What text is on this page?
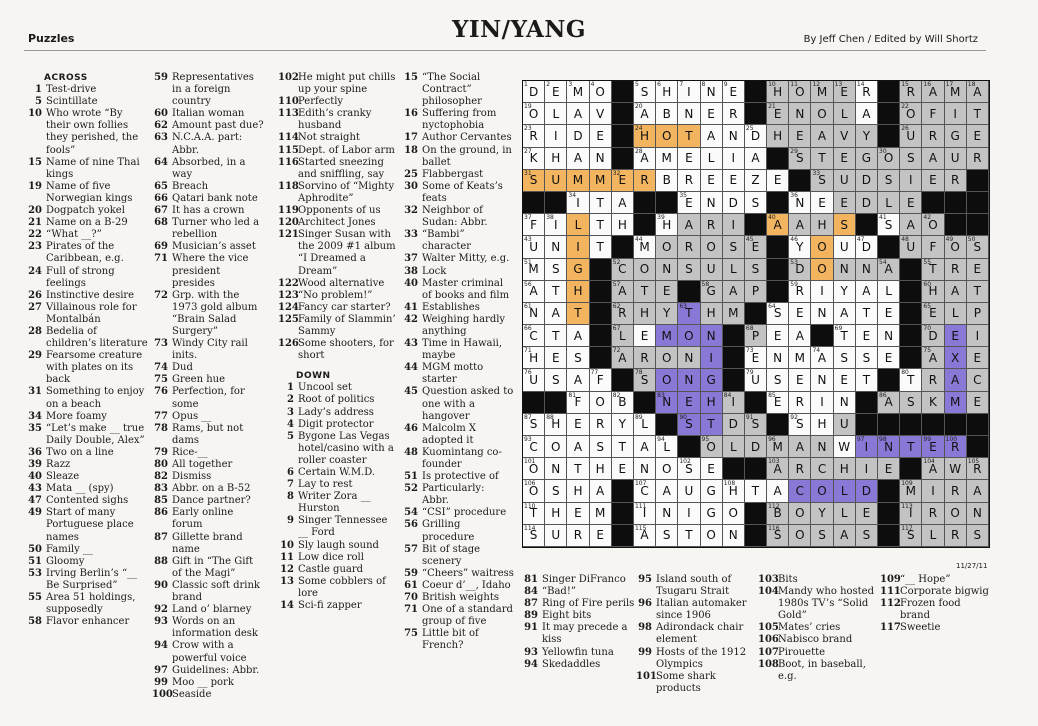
Puzzles	YIN/YANG	By Jeff Chen / Edited by Will Shortz
ACROSS
1 Test-drive
5 Scintillate
10 Who wrote “By their own follies they perished, the fools”
15 Name of nine Thai kings
19 Name of five Norwegian kings
20 Dogpatch yokel
21 Name on a B-29
22 “What __?”
23 Pirates of the Caribbean, e.g.
24 Full of strong feelings
26 Instinctive desire
27 Villainous role for Montalbán
28 Bedelia of children’s literature
29 Fearsome creature with plates on its back
31 Something to enjoy on a beach
34 More foamy
35 “Let’s make __ true Daily Double, Alex”
36 Two on a line
39 Razz
40 Sleaze
43 Mata __ (spy)
47 Contented sighs
49 Start of many Portuguese place names
50 Family __
51 Gloomy
53 Irving Berlin’s “__ Be Surprised”
55 Area 51 holdings, supposedly
58 Flavor enhancer
59 Representatives in a foreign country
60 Italian woman
62 Amount past due?
63 N.C.A.A. part: Abbr.
64 Absorbed, in a way
65 Breach
66 Qatari bank note
67 It has a crown
68 Turner who led a rebellion
69 Musician’s asset
71 Where the vice president presides
72 Grp. with the 1973 gold album “Brain Salad Surgery”
73 Windy City rail inits.
74 Dud
75 Green hue
76 Perfection, for some
77 Opus __
78 Rams, but not dams
79 Rice-__
80 All together
82 Dismiss
83 Abbr. on a B-52
85 Dance partner?
86 Early online forum
87 Gillette brand name
88 Gift in “The Gift of the Magi”
90 Classic soft drink brand
92 Land o’ blarney
93 Words on an information desk
94 Crow with a powerful voice
97 Guidelines: Abbr.
99 Moo __ pork
100 Seaside
102 He might put chills up your spine
110 Perfectly
113 Edith’s cranky husband
114 Not straight
115 Dept. of Labor arm
116 Started sneezing and sniffling, say
118 Sorvino of “Mighty Aphrodite”
119 Opponents of us
120 Architect Jones
121 Singer Susan with the 2009 #1 album “I Dreamed a Dream”
122 Wood alternative
123 “No problem!”
124 Fancy car starter?
125 Family of Slammin’ Sammy
126 Some shooters, for short
DOWN
1 Uncool set
2 Root of politics
3 Lady’s address
4 Digit protector
5 Bygone Las Vegas hotel/casino with a roller coaster
6 Certain W.M.D.
7 Lay to rest
8 Writer Zora __ Hurston
9 Singer Tennessee __ Ford
10 Sly laugh sound
11 Low dice roll
12 Castle guard
13 Some cobblers of lore
14 Sci-fi zapper
15 “The Social Contract” philosopher
16 Suffering from nyctophobia
17 Author Cervantes
18 On the ground, in ballet
25 Flabbergast
30 Some of Keats’s feats
32 Neighbor of Sudan: Abbr.
33 “Bambi” character
37 Walter Mitty, e.g.
38 Lock
40 Master criminal of books and film
41 Establishes
42 Weighing hardly anything
43 Time in Hawaii, maybe
44 MGM motto starter
45 Question asked to one with a hangover
46 Malcolm X adopted it
48 Kuomintang co-founder
51 Is protective of
52 Particularly: Abbr.
54 “CSI” procedure
56 Grilling procedure
57 Bit of stage scenery
59 “Cheers” waitress
61 Coeur d’__, Idaho
70 British weights
71 One of a standard group of five
75 Little bit of French?
81 Singer DiFranco
84 “Bad!”
87 Ring of Fire perils
89 Eight bits
91 It may precede a kiss
93 Yellowfin tuna
94 Skedaddles
95 Island south of Tsugaru Strait
96 Italian automaker since 1906
98 Adirondack chair element
99 Hosts of the 1912 Olympics
101 Some shark products
103 Bits
104 Mandy who hosted 1980s TV’s “Solid Gold”
105 Mates’ cries
106 Nabisco brand
107 Pirouette
108 Boot, in baseball, e.g.
109 “__ Hope”
111 Corporate bigwig
112 Frozen food brand
117 Sweetie
1
D
2
E
3
M
4
O
5
S
6
H
7
I
8
N
9
E
10
H
11
O
12
M
13
E
14
R
15
R
16
A
17
M
18
A
19
O L A V
20
A B N E R
21
E N O L A
22
O F I T
23
R I D E
24
H O T A N
25
D H E A V Y
26
U R G E
27
K H A N
28
A M E L I A
29
S T E G
30
O S A U R
31
S U M M
32
E R B R E E Z E
33
S U D S I E R
34
I T A
35
E N D S
36
N E E D L E
37
F
38
I L T H
39
H A R I
40
A A H S
41
S A
42
O
43
U N I T
44
M O R O S
45
E
46
Y O U
47
D
48
U F
49
O
50
S
51
M S G
52
C O N S U L S
53
D O N N
54
A
55
T R E
56
A T H
57
A T E
58
G A P
59
R I Y A L
60
H A T
61
N A T
62
R H Y
63
T H M
64
S E N A T E
65
E L P
66
C T A
67
L E M O N
68
P E A
69
T E N
70
D E I
71
H E S
72
A R O N I
73
E N M
74
A S S E
75
A X E
76
U S A
77
F
78
S O N G
79
U S E N E T
80
T R A C
81
F O
82
B
83
N E H
84
I
85
E R I N
86
A S K M E
87
S
88
H E R Y
89
L
90
S T D
91
S
92
S H U
93
C O A S T A
94
L
95
O L D
96
M A N W
97
I
98
N T
99
E
100
R
101
O N T H E N O
102
S E
103
A R C H I E
104
A W
105
R
106
O S H A
107
C A U G
108
H T A C O L D
109
M I R A
110
T H E M
111
I N I G O
112
B O Y L E
113
I R O N
114
S U R E
115
A S T O N
116
S O S A S
117
S L R S
11/27/11
